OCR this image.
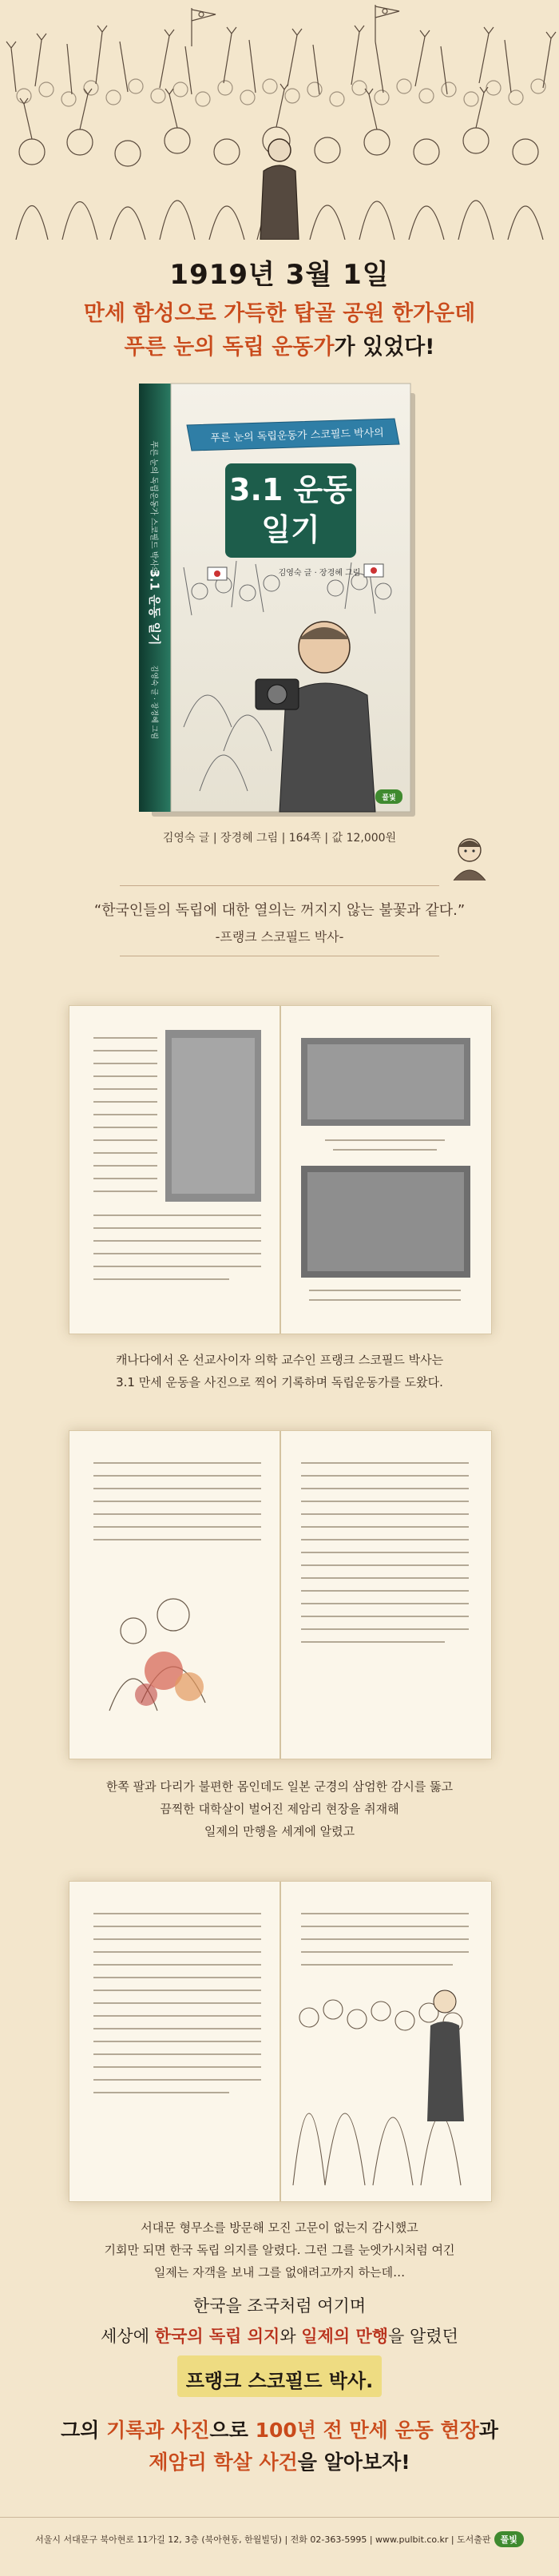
1919년 3월 1일
만세 함성으로 가득한 탑골 공원 한가운데
푸른 눈의 독립 운동가가 있었다!
푸른 눈의 독립운동가 스코필드 박사의
3.1 운동 일기
김영숙 글 · 장경혜 그림
풀빛
푸른 눈의 독립운동가 스코필드 박사의
3.1 운동 일기
김영숙 글 · 장경혜 그림
김영숙 글 | 장경혜 그림 | 164쪽 | 값 12,000원
“한국인들의 독립에 대한 열의는 꺼지지 않는 불꽃과 같다.”
-프랭크 스코필드 박사-
캐나다에서 온 선교사이자 의학 교수인 프랭크 스코필드 박사는
3.1 만세 운동을 사진으로 찍어 기록하며 독립운동가를 도왔다.
한쪽 팔과 다리가 불편한 몸인데도 일본 군경의 삼엄한 감시를 뚫고
끔찍한 대학살이 벌어진 제암리 현장을 취재해
일제의 만행을 세계에 알렸고
서대문 형무소를 방문해 모진 고문이 없는지 감시했고
기회만 되면 한국 독립 의지를 알렸다. 그런 그를 눈엣가시처럼 여긴
일제는 자객을 보내 그를 없애려고까지 하는데…
한국을 조국처럼 여기며
세상에 한국의 독립 의지와 일제의 만행을 알렸던
프랭크 스코필드 박사.
그의 기록과 사진으로 100년 전 만세 운동 현장과
제암리 학살 사건을 알아보자!
서울시 서대문구 북아현로 11가길 12, 3층 (북아현동, 한월빌딩) | 전화 02-363-5995 | www.pulbit.co.kr | 도서출판 풀빛
